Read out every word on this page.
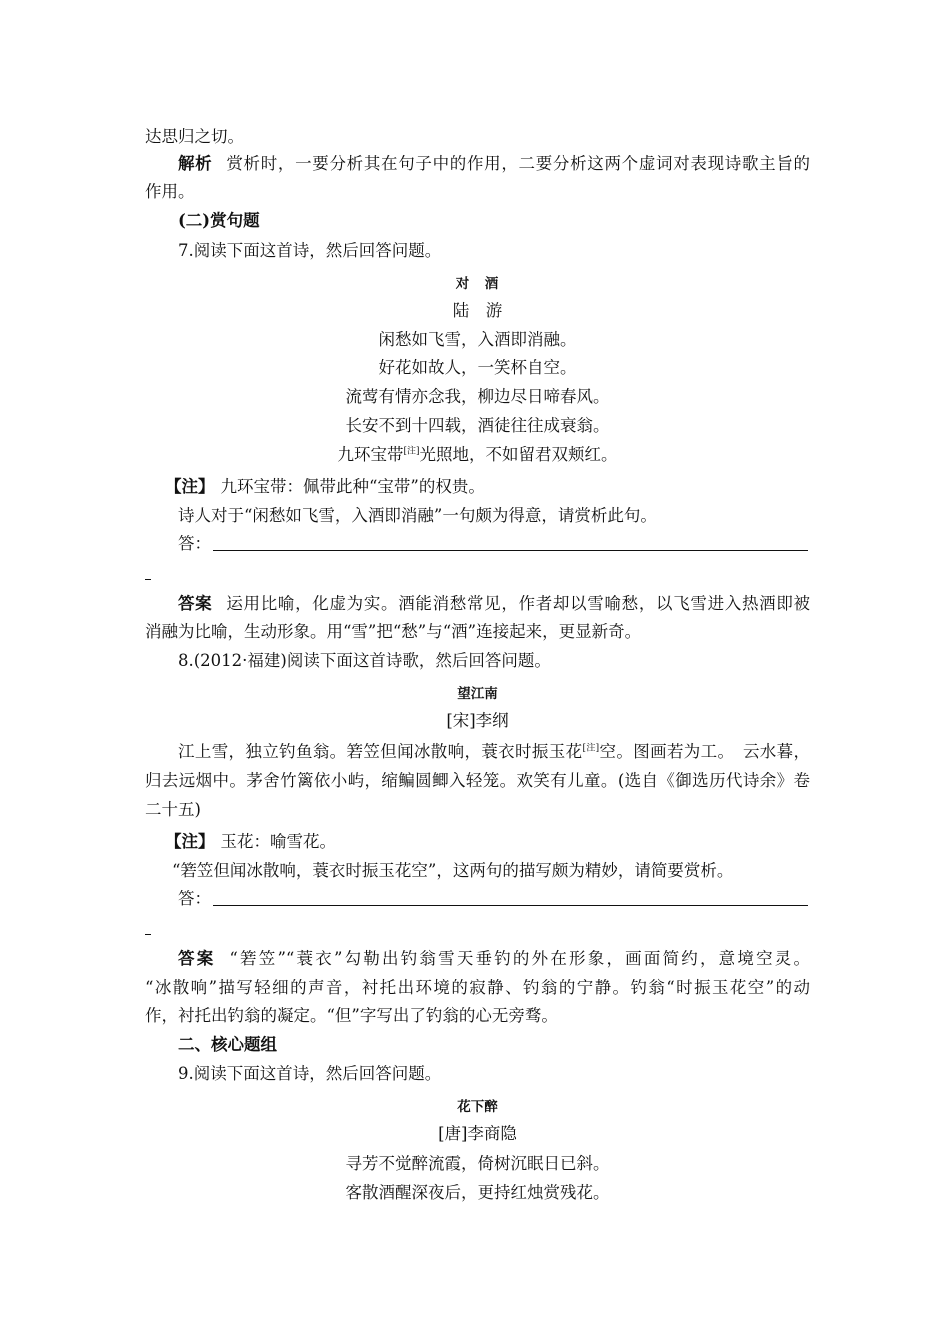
达思归之切。
解析 赏析时，一要分析其在句子中的作用，二要分析这两个虚词对表现诗歌主旨的
作用。
(二)赏句题
7.阅读下面这首诗，然后回答问题。
对　酒
陆　游
闲愁如飞雪，入酒即消融。
好花如故人，一笑杯自空。
流莺有情亦念我，柳边尽日啼春风。
长安不到十四载，酒徒往往成衰翁。
九环宝带[注]光照地，不如留君双颊红。
【注】 九环宝带：佩带此种“宝带”的权贵。
诗人对于“闲愁如飞雪，入酒即消融”一句颇为得意，请赏析此句。
答：
答案 运用比喻，化虚为实。酒能消愁常见，作者却以雪喻愁，以飞雪进入热酒即被
消融为比喻，生动形象。用“雪”把“愁”与“酒”连接起来，更显新奇。
8.(2012·福建)阅读下面这首诗歌，然后回答问题。
望江南
[宋]李纲
江上雪，独立钓鱼翁。箬笠但闻冰散响，蓑衣时振玉花[注]空。图画若为工。　云水暮，
归去远烟中。茅舍竹篱依小屿，缩鳊圆鲫入轻笼。欢笑有儿童。(选自《御选历代诗余》卷
二十五)
【注】 玉花：喻雪花。
“箬笠但闻冰散响，蓑衣时振玉花空”，这两句的描写颇为精妙，请简要赏析。
答：
答案 “箬笠”“蓑衣”勾勒出钓翁雪天垂钓的外在形象，画面简约，意境空灵。
“冰散响”描写轻细的声音，衬托出环境的寂静、钓翁的宁静。钓翁“时振玉花空”的动
作，衬托出钓翁的凝定。“但”字写出了钓翁的心无旁骛。
二、核心题组
9.阅读下面这首诗，然后回答问题。
花下醉
[唐]李商隐
寻芳不觉醉流霞，倚树沉眠日已斜。
客散酒醒深夜后，更持红烛赏残花。
